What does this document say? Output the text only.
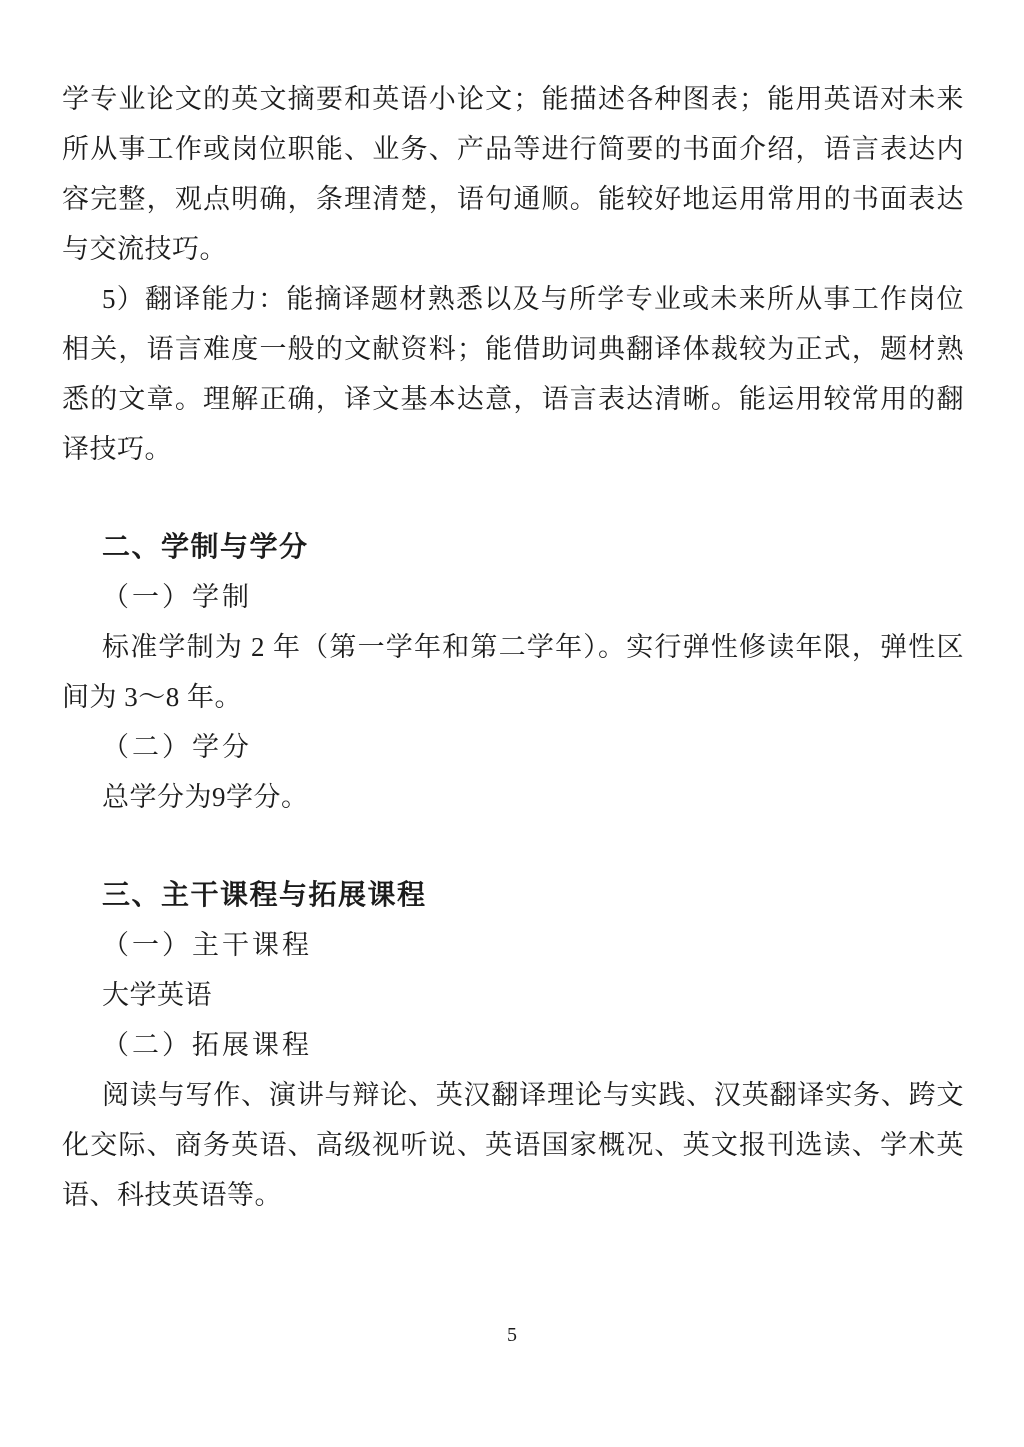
学专业论文的英文摘要和英语小论文；能描述各种图表；能用英语对未来所从事工作或岗位职能、业务、产品等进行简要的书面介绍，语言表达内容完整，观点明确，条理清楚，语句通顺。能较好地运用常用的书面表达与交流技巧。

5）翻译能力：能摘译题材熟悉以及与所学专业或未来所从事工作岗位相关，语言难度一般的文献资料；能借助词典翻译体裁较为正式，题材熟悉的文章。理解正确，译文基本达意，语言表达清晰。能运用较常用的翻译技巧。

二、学制与学分

（一）学制

标准学制为 2 年（第一学年和第二学年）。实行弹性修读年限，弹性区间为 3～8 年。

（二）学分

总学分为9学分。

三、主干课程与拓展课程

（一）主干课程

大学英语

（二）拓展课程

阅读与写作、演讲与辩论、英汉翻译理论与实践、汉英翻译实务、跨文化交际、商务英语、高级视听说、英语国家概况、英文报刊选读、学术英语、科技英语等。

5
